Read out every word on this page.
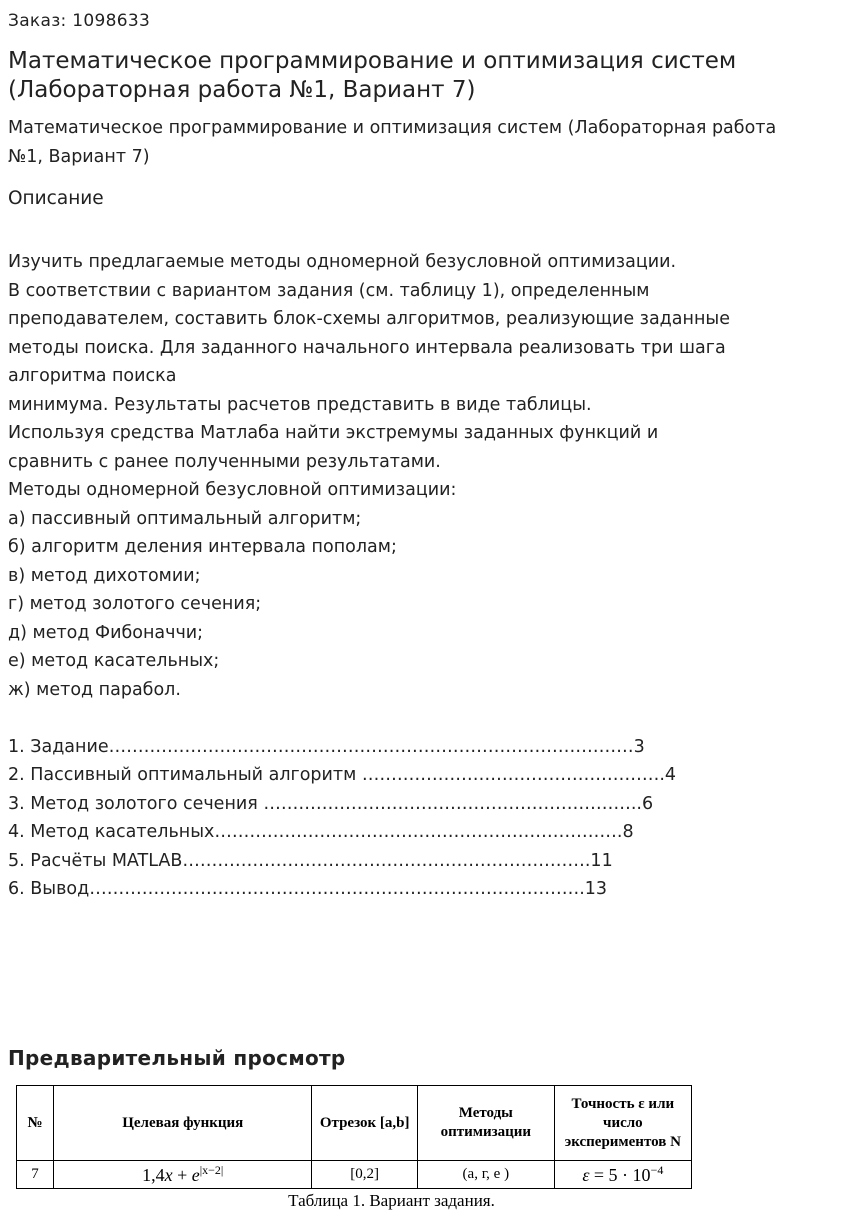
Заказ: 1098633
Математическое программирование и оптимизация систем (Лабораторная работа №1, Вариант 7)
Математическое программирование и оптимизация систем (Лабораторная работа №1, Вариант 7)
Описание
Изучить предлагаемые методы одномерной безусловной оптимизации.
В соответствии с вариантом задания (см. таблицу 1), определенным
преподавателем, составить блок-схемы алгоритмов, реализующие заданные
методы поиска. Для заданного начального интервала реализовать три шага
алгоритма поиска
минимума. Результаты расчетов представить в виде таблицы.
Используя средства Матлаба найти экстремумы заданных функций и
сравнить с ранее полученными результатами.
Методы одномерной безусловной оптимизации:
а) пассивный оптимальный алгоритм;
б) алгоритм деления интервала пополам;
в) метод дихотомии;
г) метод золотого сечения;
д) метод Фибоначчи;
е) метод касательных;
ж) метод парабол.
1. Задание………………………………………………………………………………3
2. Пассивный оптимальный алгоритм …………………………………………….4
3. Метод золотого сечения ………………………………………………………..6
4. Метод касательных…………………………………………………………….8
5. Расчёты MATLAB…………………………………………………………….11
6. Вывод………………………………………………………………………….13
Предварительный просмотр
№	Целевая функция	Отрезок [a,b]	Методы оптимизации	Точность ε или число экспериментов N
7	$1,4x + e^{|x-2|}$	[0,2]	(а, г, е )	$\varepsilon = 5 \cdot 10^{-4}$
Таблица 1. Вариант задания.
